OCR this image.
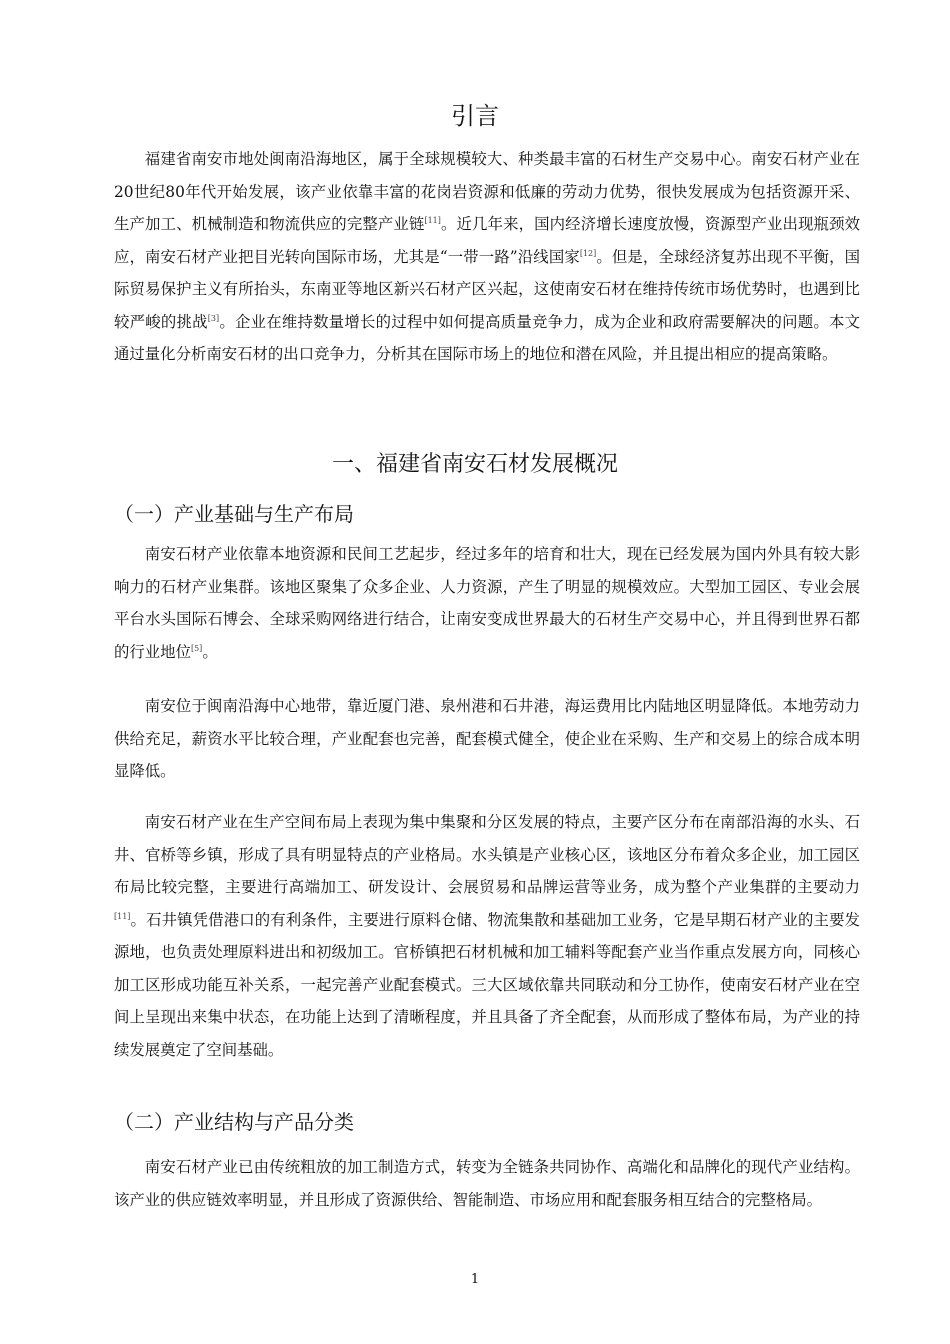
引言

福建省南安市地处闽南沿海地区，属于全球规模较大、种类最丰富的石材生产交易中心。南安石材产业在20世纪80年代开始发展，该产业依靠丰富的花岗岩资源和低廉的劳动力优势，很快发展成为包括资源开采、生产加工、机械制造和物流供应的完整产业链[11]。近几年来，国内经济增长速度放慢，资源型产业出现瓶颈效应，南安石材产业把目光转向国际市场，尤其是“一带一路”沿线国家[12]。但是，全球经济复苏出现不平衡，国际贸易保护主义有所抬头，东南亚等地区新兴石材产区兴起，这使南安石材在维持传统市场优势时，也遇到比较严峻的挑战[3]。企业在维持数量增长的过程中如何提高质量竞争力，成为企业和政府需要解决的问题。本文通过量化分析南安石材的出口竞争力，分析其在国际市场上的地位和潜在风险，并且提出相应的提高策略。

一、福建省南安石材发展概况
（一）产业基础与生产布局

南安石材产业依靠本地资源和民间工艺起步，经过多年的培育和壮大，现在已经发展为国内外具有较大影响力的石材产业集群。该地区聚集了众多企业、人力资源，产生了明显的规模效应。大型加工园区、专业会展平台水头国际石博会、全球采购网络进行结合，让南安变成世界最大的石材生产交易中心，并且得到世界石都的行业地位[5]。

南安位于闽南沿海中心地带，靠近厦门港、泉州港和石井港，海运费用比内陆地区明显降低。本地劳动力供给充足，薪资水平比较合理，产业配套也完善，配套模式健全，使企业在采购、生产和交易上的综合成本明显降低。

南安石材产业在生产空间布局上表现为集中集聚和分区发展的特点，主要产区分布在南部沿海的水头、石井、官桥等乡镇，形成了具有明显特点的产业格局。水头镇是产业核心区，该地区分布着众多企业，加工园区布局比较完整，主要进行高端加工、研发设计、会展贸易和品牌运营等业务，成为整个产业集群的主要动力[11]。石井镇凭借港口的有利条件，主要进行原料仓储、物流集散和基础加工业务，它是早期石材产业的主要发源地，也负责处理原料进出和初级加工。官桥镇把石材机械和加工辅料等配套产业当作重点发展方向，同核心加工区形成功能互补关系，一起完善产业配套模式。三大区域依靠共同联动和分工协作，使南安石材产业在空间上呈现出来集中状态，在功能上达到了清晰程度，并且具备了齐全配套，从而形成了整体布局，为产业的持续发展奠定了空间基础。

（二）产业结构与产品分类

南安石材产业已由传统粗放的加工制造方式，转变为全链条共同协作、高端化和品牌化的现代产业结构。该产业的供应链效率明显，并且形成了资源供给、智能制造、市场应用和配套服务相互结合的完整格局。

1
